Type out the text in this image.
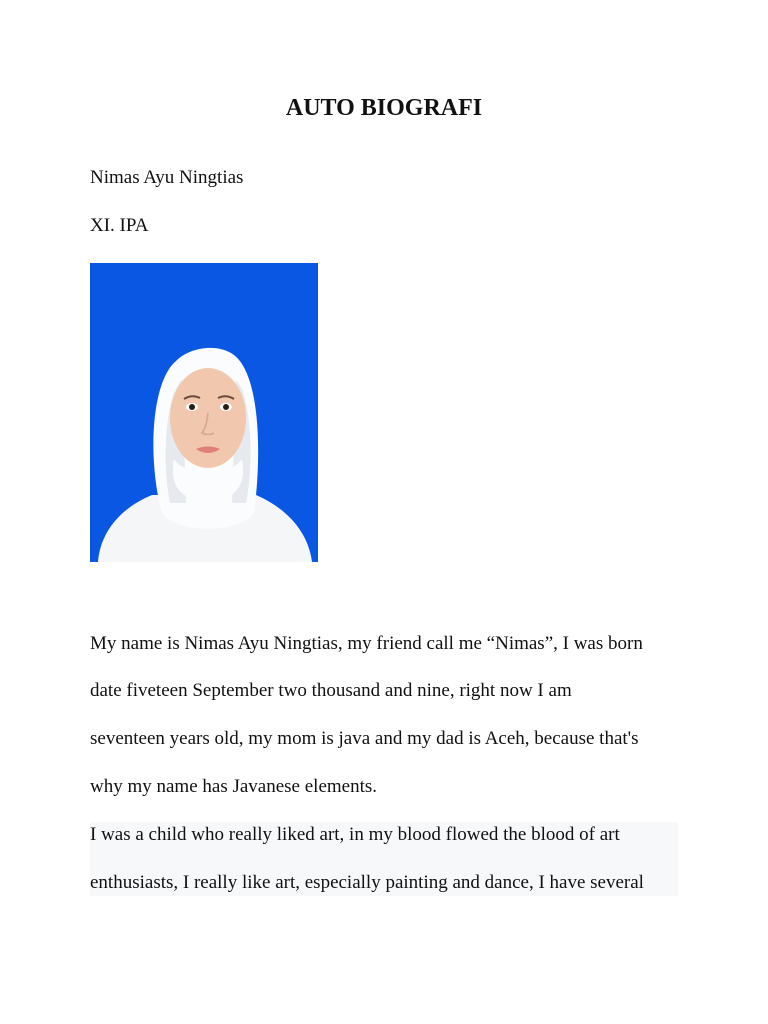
AUTO BIOGRAFI
Nimas Ayu Ningtias
XI. IPA
My name is Nimas Ayu Ningtias, my friend call me “Nimas”, I was born
date fiveteen September two thousand and nine, right now I am
seventeen years old, my mom is java and my dad is Aceh, because that's
why my name has Javanese elements.
I was a child who really liked art, in my blood flowed the blood of art
enthusiasts, I really like art, especially painting and dance, I have several
